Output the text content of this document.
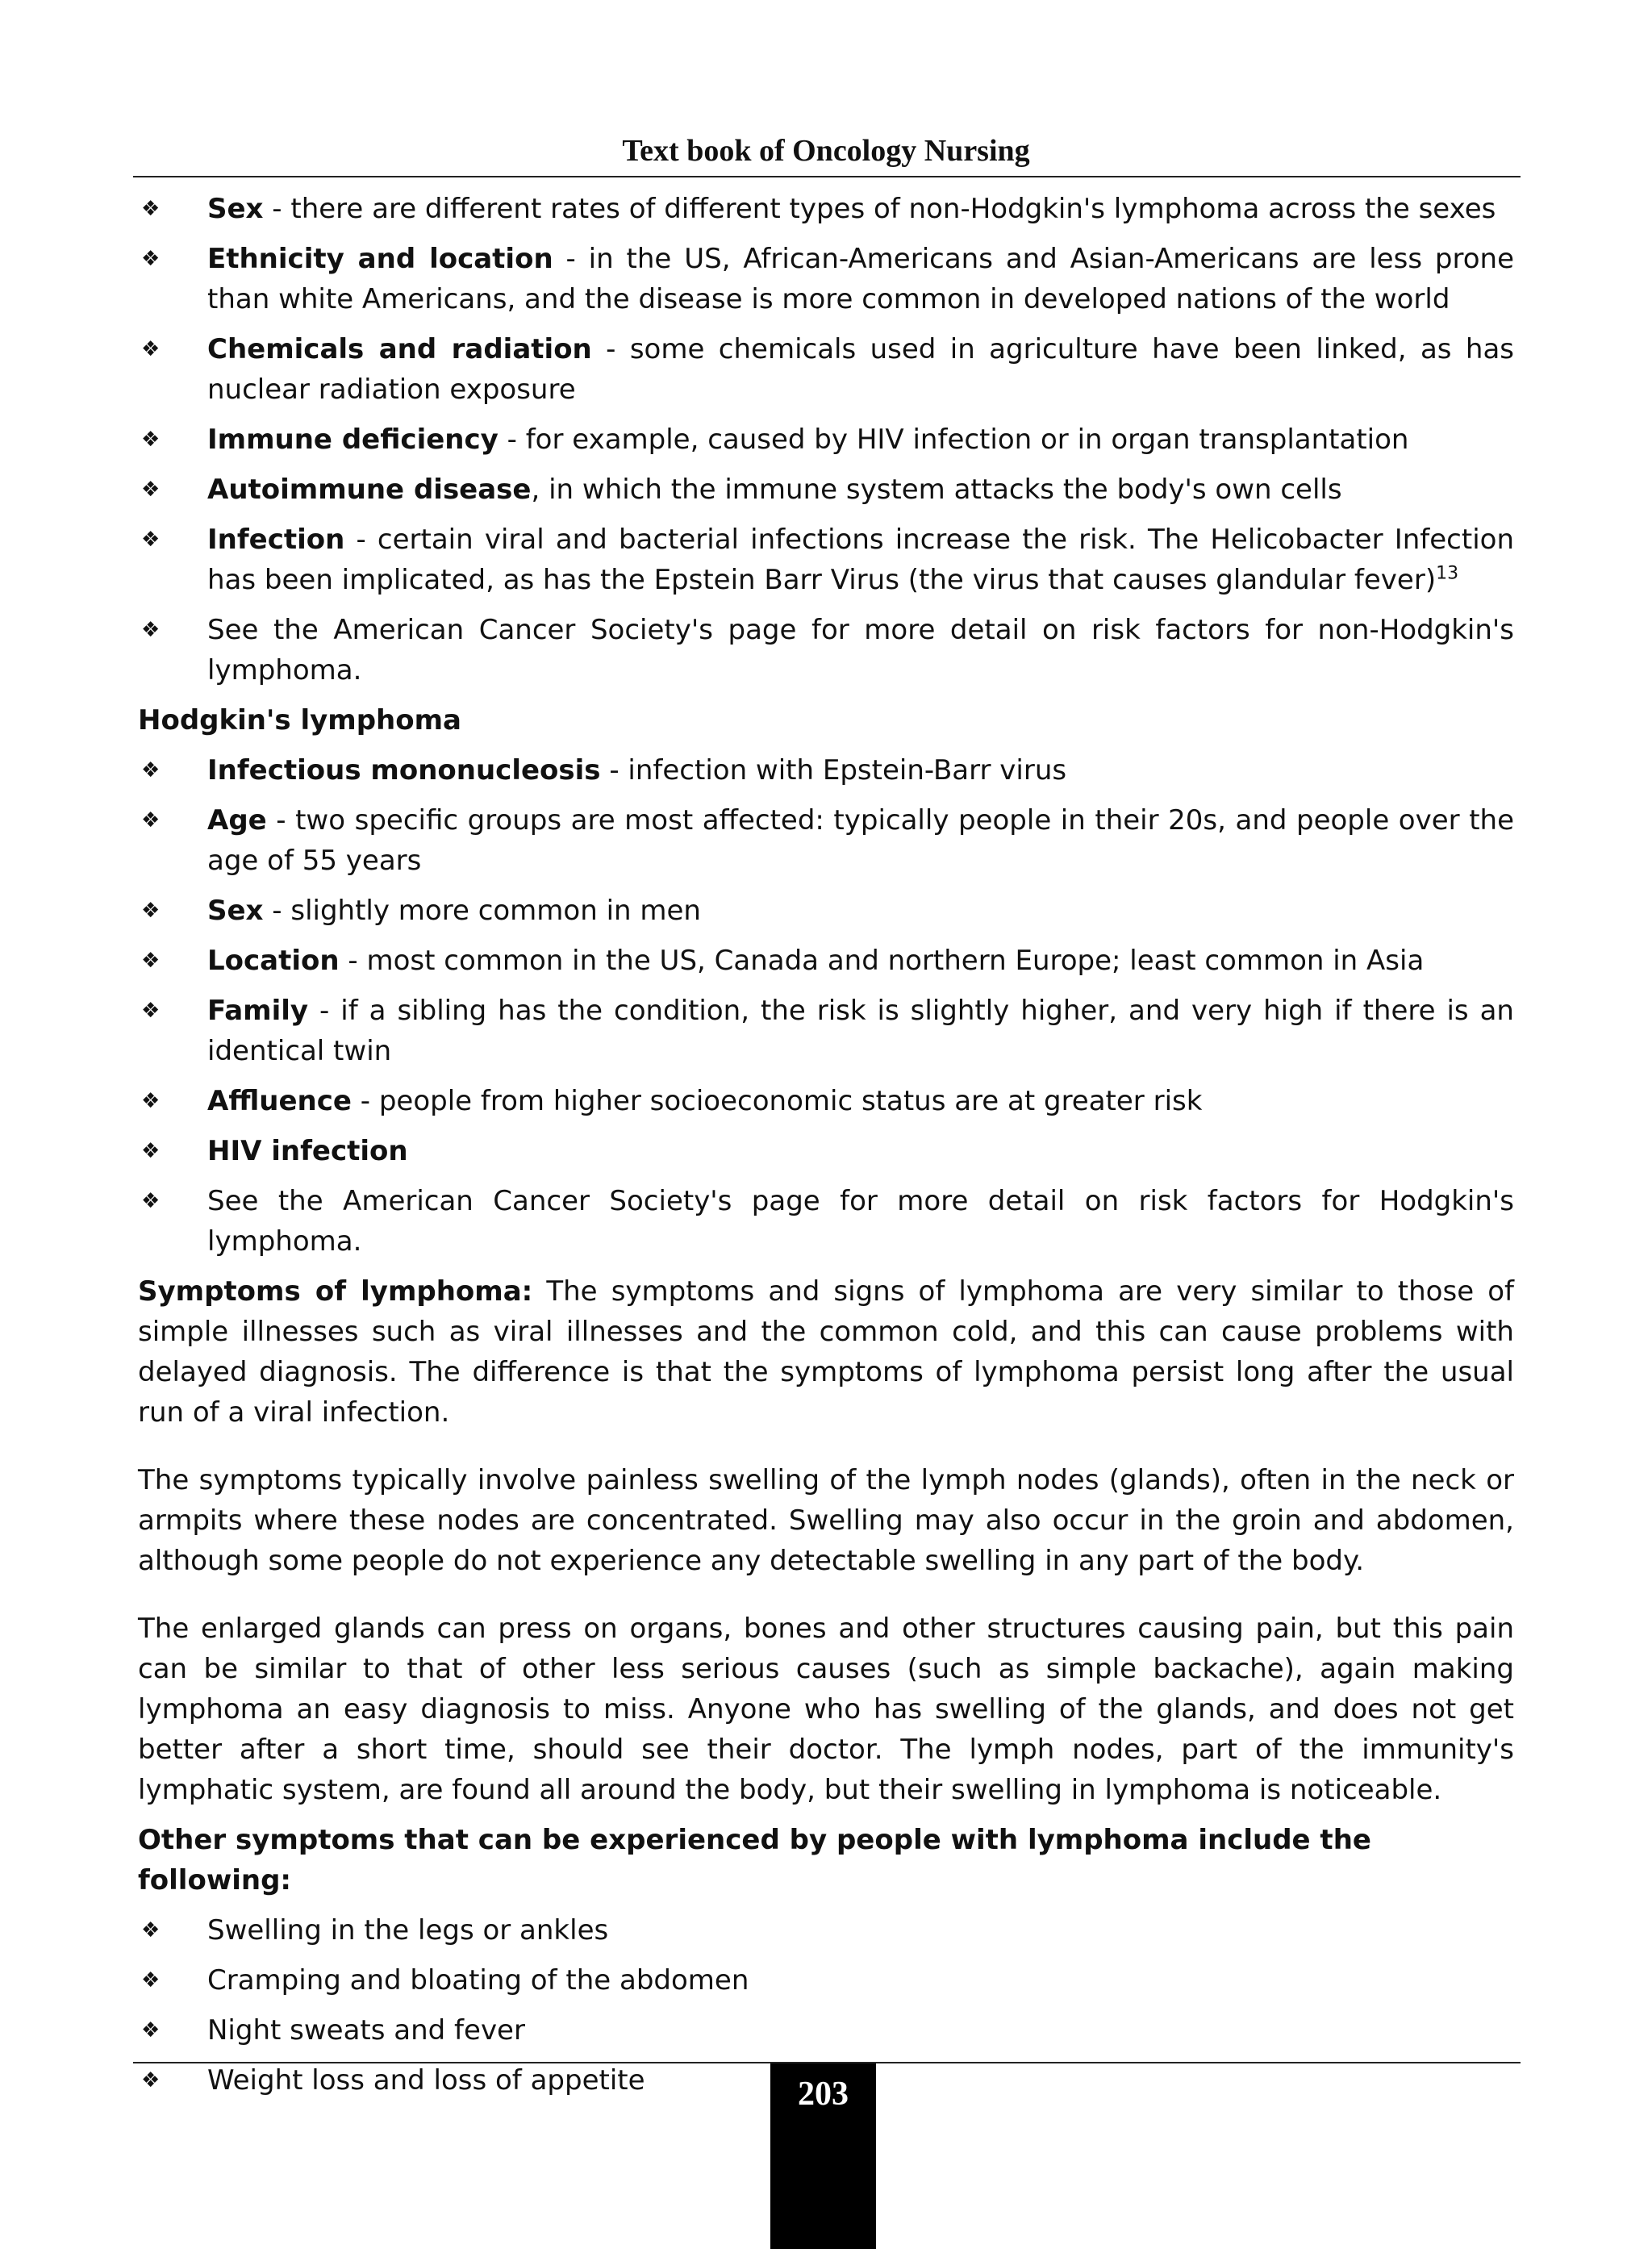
Text book of Oncology Nursing
❖	Sex - there are different rates of different types of non-Hodgkin's lymphoma across the sexes
❖	Ethnicity and location - in the US, African-Americans and Asian-Americans are less prone than white Americans, and the disease is more common in developed nations of the world
❖	Chemicals and radiation - some chemicals used in agriculture have been linked, as has nuclear radiation exposure
❖	Immune deficiency - for example, caused by HIV infection or in organ transplantation
❖	Autoimmune disease, in which the immune system attacks the body's own cells
❖	Infection - certain viral and bacterial infections increase the risk. The Helicobacter Infection has been implicated, as has the Epstein Barr Virus (the virus that causes glandular fever)$^{13}$
❖	See the American Cancer Society's page for more detail on risk factors for non-Hodgkin's lymphoma.
Hodgkin's lymphoma
❖	Infectious mononucleosis - infection with Epstein-Barr virus
❖	Age - two specific groups are most affected: typically people in their 20s, and people over the age of 55 years
❖	Sex - slightly more common in men
❖	Location - most common in the US, Canada and northern Europe; least common in Asia
❖	Family - if a sibling has the condition, the risk is slightly higher, and very high if there is an identical twin
❖	Affluence - people from higher socioeconomic status are at greater risk
❖	HIV infection
❖	See the American Cancer Society's page for more detail on risk factors for Hodgkin's lymphoma.

Symptoms of lymphoma: The symptoms and signs of lymphoma are very similar to those of simple illnesses such as viral illnesses and the common cold, and this can cause problems with delayed diagnosis. The difference is that the symptoms of lymphoma persist long after the usual run of a viral infection.

The symptoms typically involve painless swelling of the lymph nodes (glands), often in the neck or armpits where these nodes are concentrated. Swelling may also occur in the groin and abdomen, although some people do not experience any detectable swelling in any part of the body.

The enlarged glands can press on organs, bones and other structures causing pain, but this pain can be similar to that of other less serious causes (such as simple backache), again making lymphoma an easy diagnosis to miss. Anyone who has swelling of the glands, and does not get better after a short time, should see their doctor. The lymph nodes, part of the immunity's lymphatic system, are found all around the body, but their swelling in lymphoma is noticeable.

Other symptoms that can be experienced by people with lymphoma include the following:
❖	Swelling in the legs or ankles
❖	Cramping and bloating of the abdomen
❖	Night sweats and fever
❖	Weight loss and loss of appetite	203
